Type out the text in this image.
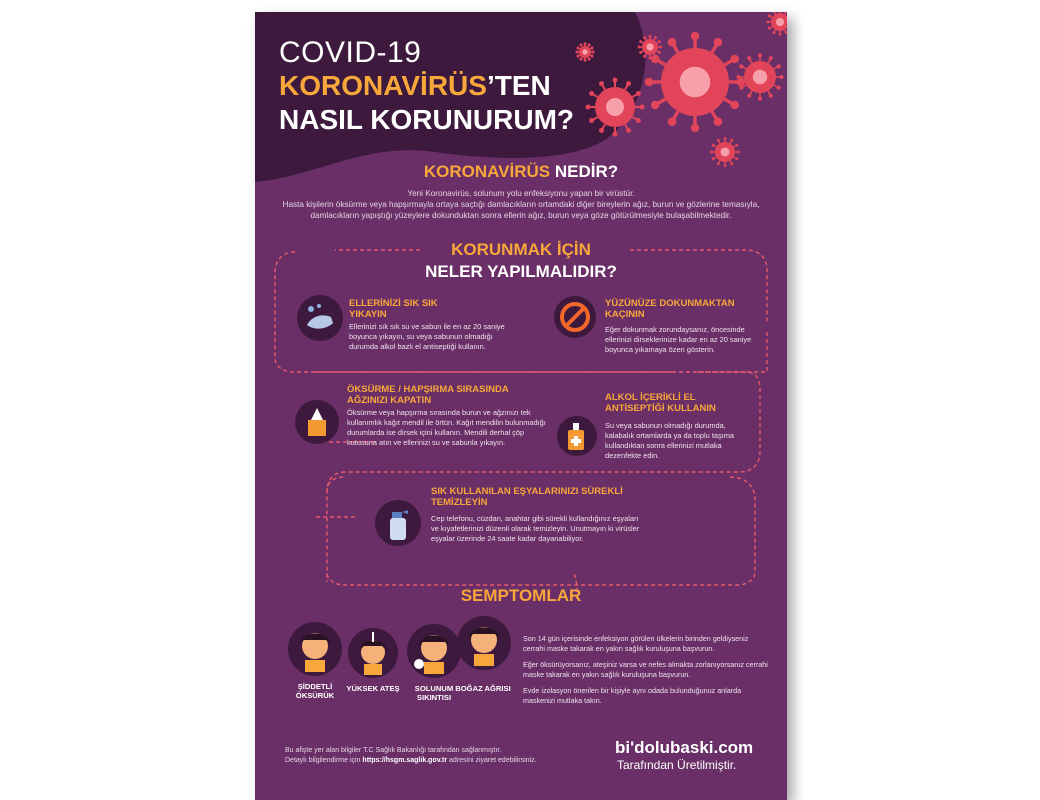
COVID-19
KORONAVİRÜS’TEN
NASIL KORUNURUM?
KORONAVİRÜS NEDİR?
Yeni Koronavirüs, solunum yolu enfeksiyonu yapan bir virüstür.
Hasta kişilerin öksürme veya hapşırmayla ortaya saçtığı damlacıkların ortamdaki diğer bireylerin ağız, burun ve gözlerine temasıyla, damlacıkların yapıştığı yüzeylere dokunduktan sonra ellerin ağız, burun veya göze götürülmesiyle bulaşabilmektedir.
KORUNMAK İÇİN
NELER YAPILMALIDIR?
ELLERİNİZİ SIK SIK YIKAYIN
Ellerinizi sık sık su ve sabun ile en az 20 saniye boyunca yıkayın, su veya sabunun olmadığı durumda alkol bazlı el antiseptiği kullanın.
YÜZÜNÜZE DOKUNMAKTAN KAÇININ
Eğer dokunmak zorundaysanız, öncesinde ellerinizi dirseklerinize kadar en az 20 saniye boyunca yıkamaya özen gösterin.
ÖKSÜRME / HAPŞIRMA SIRASINDA AĞZINIZI KAPATIN
Öksürme veya hapşırma sırasında burun ve ağzınızı tek kullanımlık kağıt mendil ile örtün. Kağıt mendilin bulunmadığı durumlarda ise dirsek içini kullanın. Mendili derhal çöp kutusuna atın ve ellerinizi su ve sabunla yıkayın.
ALKOL İÇERİKLİ EL ANTİSEPTİĞİ KULLANIN
Su veya sabunun olmadığı durumda, kalabalık ortamlarda ya da toplu taşıma kullandıktan sonra ellerinizi mutlaka dezenfekte edin.
SIK KULLANILAN EŞYALARINIZI SÜREKLİ TEMİZLEYİN
Cep telefonu, cüzdan, anahtar gibi sürekli kullandığınız eşyaları ve kıyafetlerinizi düzenli olarak temizleyin. Unutmayın ki virüsler eşyalar üzerinde 24 saate kadar dayanabiliyor.
SEMPTOMLAR
ŞİDDETLİ ÖKSÜRÜK
YÜKSEK ATEŞ	SOLUNUM SIKINTISI
BOĞAZ AĞRISI
Son 14 gün içerisinde enfeksiyon görülen ülkelerin birinden geldiyseniz cerrahi maske takarak en yakın sağlık kuruluşuna başvurun.
Eğer öksürüyorsanız, ateşiniz varsa ve nefes almakta zorlanıyorsanız cerrahi maske takarak en yakın sağlık kuruluşuna başvurun.
Evde izolasyon önerilen bir kişiyle aynı odada bulunduğunuz anlarda maskenizi mutlaka takın.
Bu afişte yer alan bilgiler T.C Sağlık Bakanlığı tarafından sağlanmıştır.
Detaylı bilgilendirme için https://hsgm.saglik.gov.tr adresini ziyaret edebilirsiniz.
bi'dolubaski.com
Tarafından Üretilmiştir.
